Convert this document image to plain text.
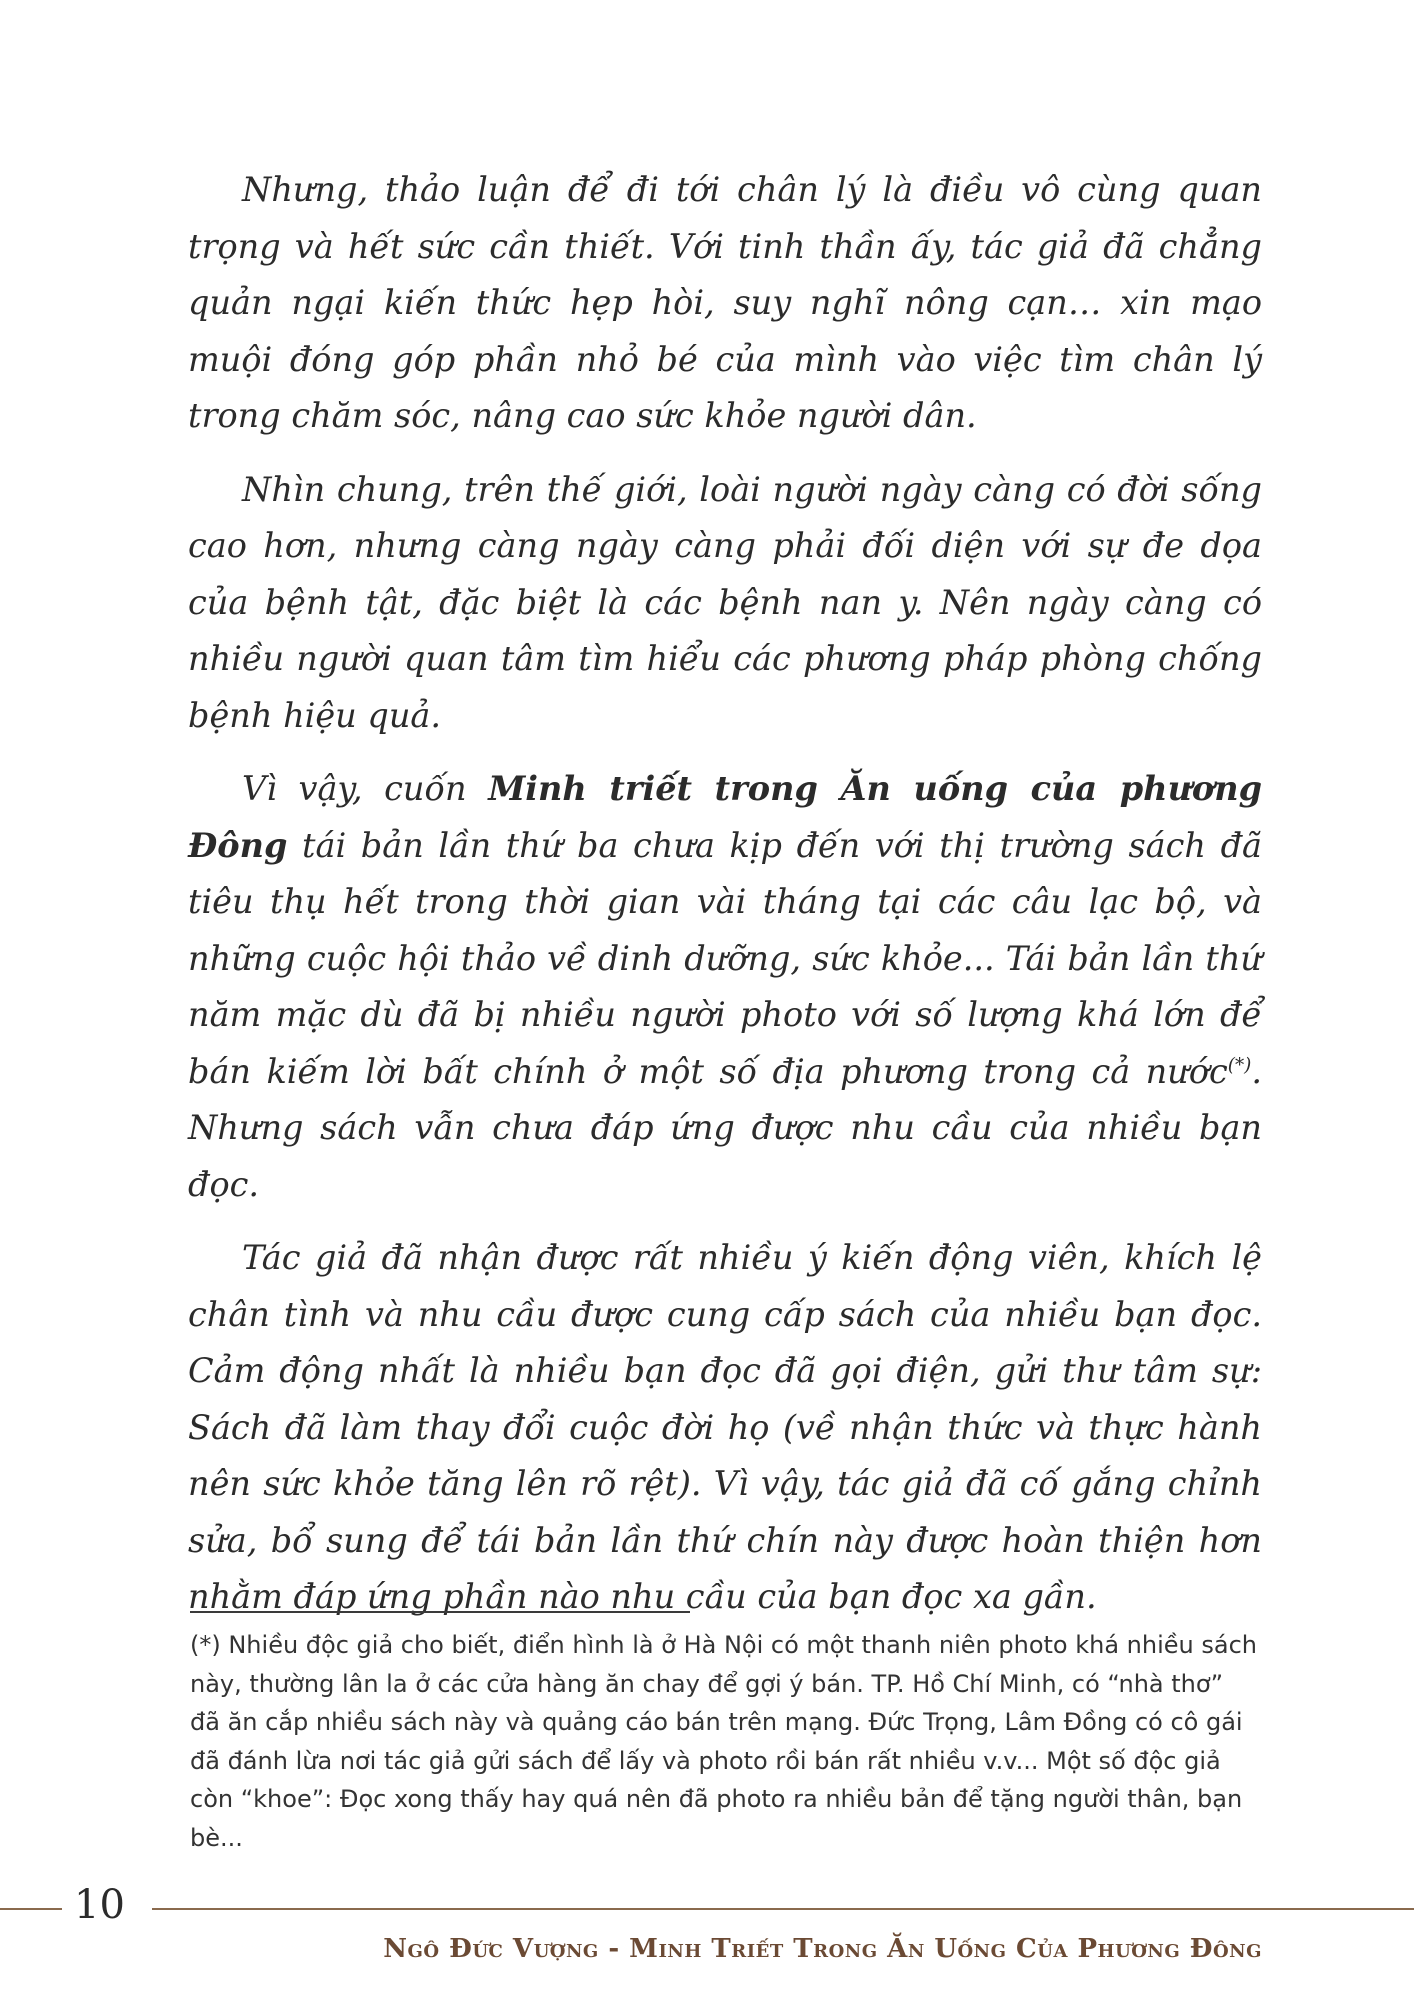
Nhưng, thảo luận để đi tới chân lý là điều vô cùng quan trọng và hết sức cần thiết. Với tinh thần ấy, tác giả đã chẳng quản ngại kiến thức hẹp hòi, suy nghĩ nông cạn… xin mạo muội đóng góp phần nhỏ bé của mình vào việc tìm chân lý trong chăm sóc, nâng cao sức khỏe người dân.

Nhìn chung, trên thế giới, loài người ngày càng có đời sống cao hơn, nhưng càng ngày càng phải đối diện với sự đe dọa của bệnh tật, đặc biệt là các bệnh nan y. Nên ngày càng có nhiều người quan tâm tìm hiểu các phương pháp phòng chống bệnh hiệu quả.

Vì vậy, cuốn Minh triết trong Ăn uống của phương Đông tái bản lần thứ ba chưa kịp đến với thị trường sách đã tiêu thụ hết trong thời gian vài tháng tại các câu lạc bộ, và những cuộc hội thảo về dinh dưỡng, sức khỏe... Tái bản lần thứ năm mặc dù đã bị nhiều người photo với số lượng khá lớn để bán kiếm lời bất chính ở một số địa phương trong cả nước(*). Nhưng sách vẫn chưa đáp ứng được nhu cầu của nhiều bạn đọc.

Tác giả đã nhận được rất nhiều ý kiến động viên, khích lệ chân tình và nhu cầu được cung cấp sách của nhiều bạn đọc. Cảm động nhất là nhiều bạn đọc đã gọi điện, gửi thư tâm sự: Sách đã làm thay đổi cuộc đời họ (về nhận thức và thực hành nên sức khỏe tăng lên rõ rệt). Vì vậy, tác giả đã cố gắng chỉnh sửa, bổ sung để tái bản lần thứ chín này được hoàn thiện hơn nhằm đáp ứng phần nào nhu cầu của bạn đọc xa gần.

(*) Nhiều độc giả cho biết, điển hình là ở Hà Nội có một thanh niên photo khá nhiều sách này, thường lân la ở các cửa hàng ăn chay để gợi ý bán. TP. Hồ Chí Minh, có “nhà thơ” đã ăn cắp nhiều sách này và quảng cáo bán trên mạng. Đức Trọng, Lâm Đồng có cô gái đã đánh lừa nơi tác giả gửi sách để lấy và photo rồi bán rất nhiều v.v... Một số độc giả còn “khoe”: Đọc xong thấy hay quá nên đã photo ra nhiều bản để tặng người thân, bạn bè...
10
Ngô Đức Vượng - Minh Triết Trong Ăn Uống Của Phương Đông
